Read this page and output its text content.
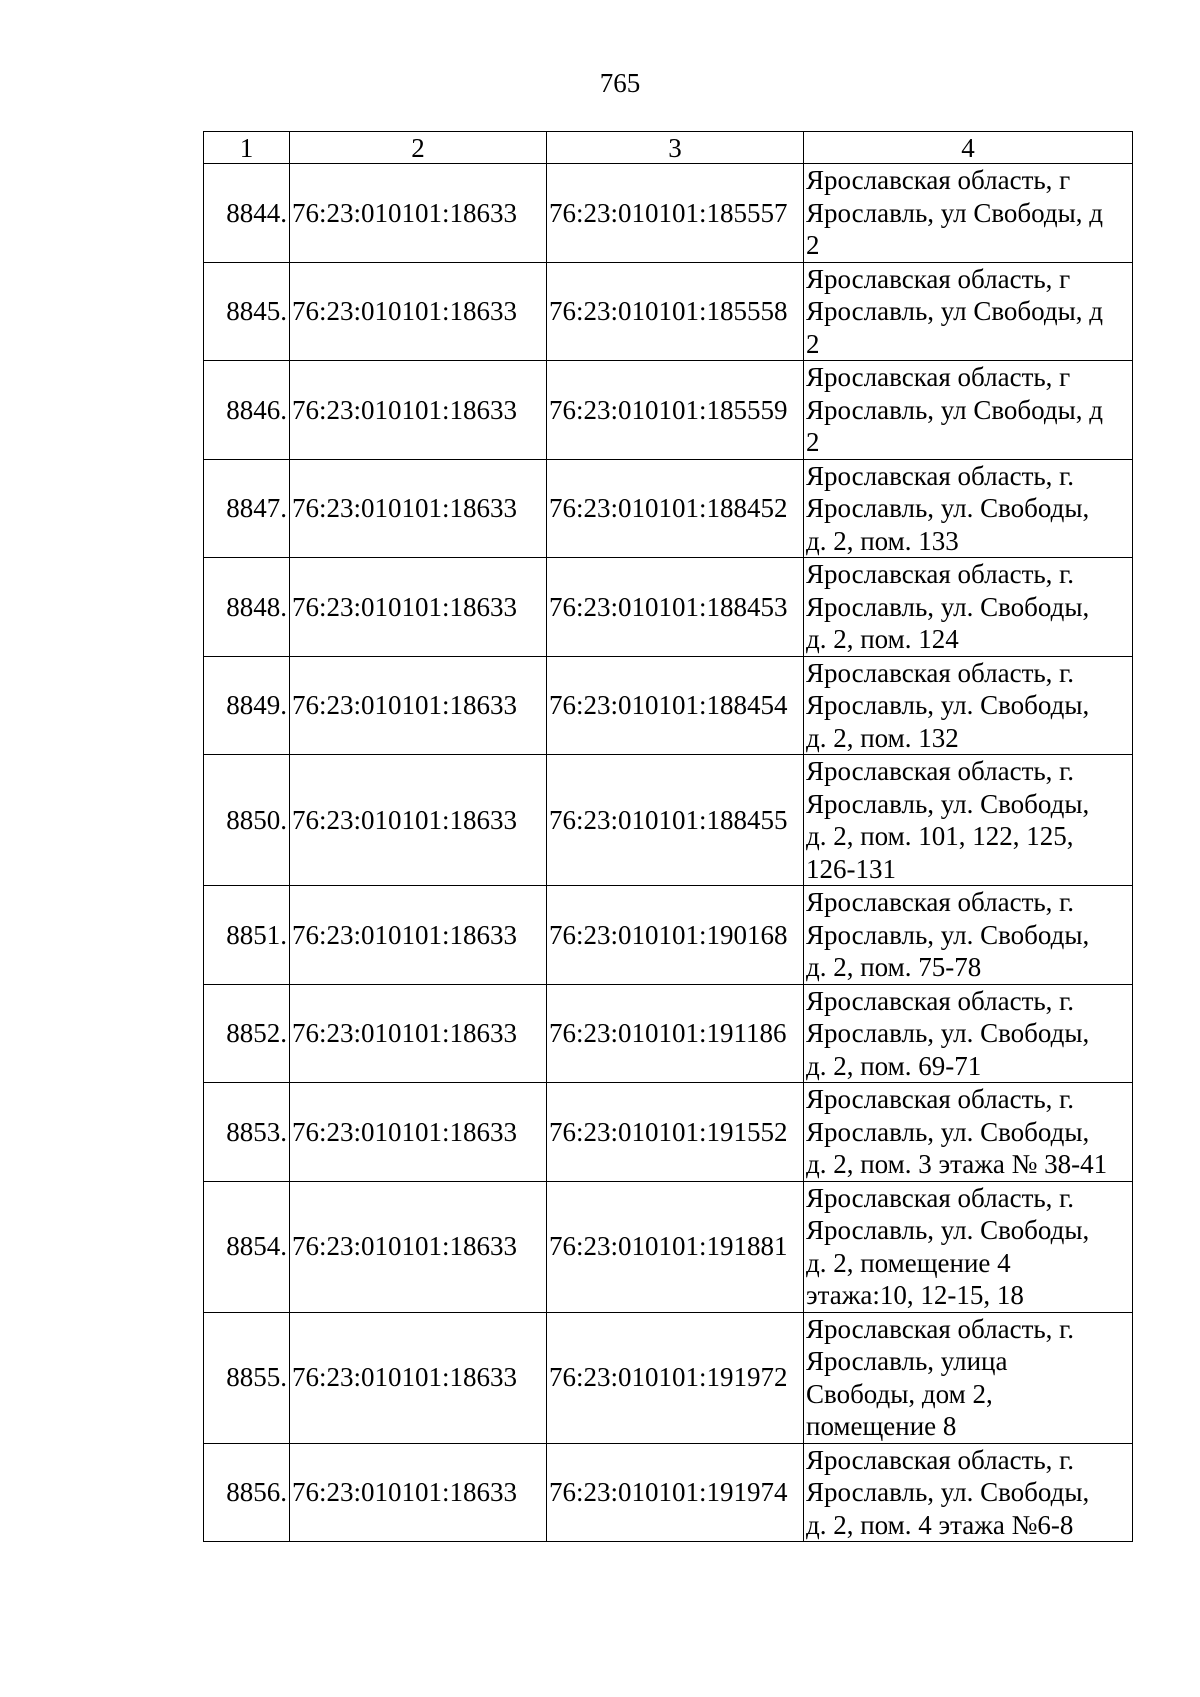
765
1	2	3	4
8844.	76:23:010101:18633	76:23:010101:185557	Ярославская область, г
Ярославль, ул Свободы, д
2

8845.	76:23:010101:18633	76:23:010101:185558	Ярославская область, г
Ярославль, ул Свободы, д
2

8846.	76:23:010101:18633	76:23:010101:185559	Ярославская область, г
Ярославль, ул Свободы, д
2

8847.	76:23:010101:18633	76:23:010101:188452	Ярославская область, г.
Ярославль, ул. Свободы,
д. 2, пом. 133

8848.	76:23:010101:18633	76:23:010101:188453	Ярославская область, г.
Ярославль, ул. Свободы,
д. 2, пом. 124

8849.	76:23:010101:18633	76:23:010101:188454	Ярославская область, г.
Ярославль, ул. Свободы,
д. 2, пом. 132

8850.	76:23:010101:18633	76:23:010101:188455	Ярославская область, г.
Ярославль, ул. Свободы,
д. 2, пом. 101, 122, 125,
126-131

8851.	76:23:010101:18633	76:23:010101:190168	Ярославская область, г.
Ярославль, ул. Свободы,
д. 2, пом. 75-78

8852.	76:23:010101:18633	76:23:010101:191186	Ярославская область, г.
Ярославль, ул. Свободы,
д. 2, пом. 69-71

8853.	76:23:010101:18633	76:23:010101:191552	Ярославская область, г.
Ярославль, ул. Свободы,
д. 2, пом. 3 этажа № 38-41

8854.	76:23:010101:18633	76:23:010101:191881	Ярославская область, г.
Ярославль, ул. Свободы,
д. 2, помещение 4
этажа:10, 12-15, 18

8855.	76:23:010101:18633	76:23:010101:191972	Ярославская область, г.
Ярославль, улица
Свободы, дом 2,
помещение 8

8856.	76:23:010101:18633	76:23:010101:191974	Ярославская область, г.
Ярославль, ул. Свободы,
д. 2, пом. 4 этажа №6-8
